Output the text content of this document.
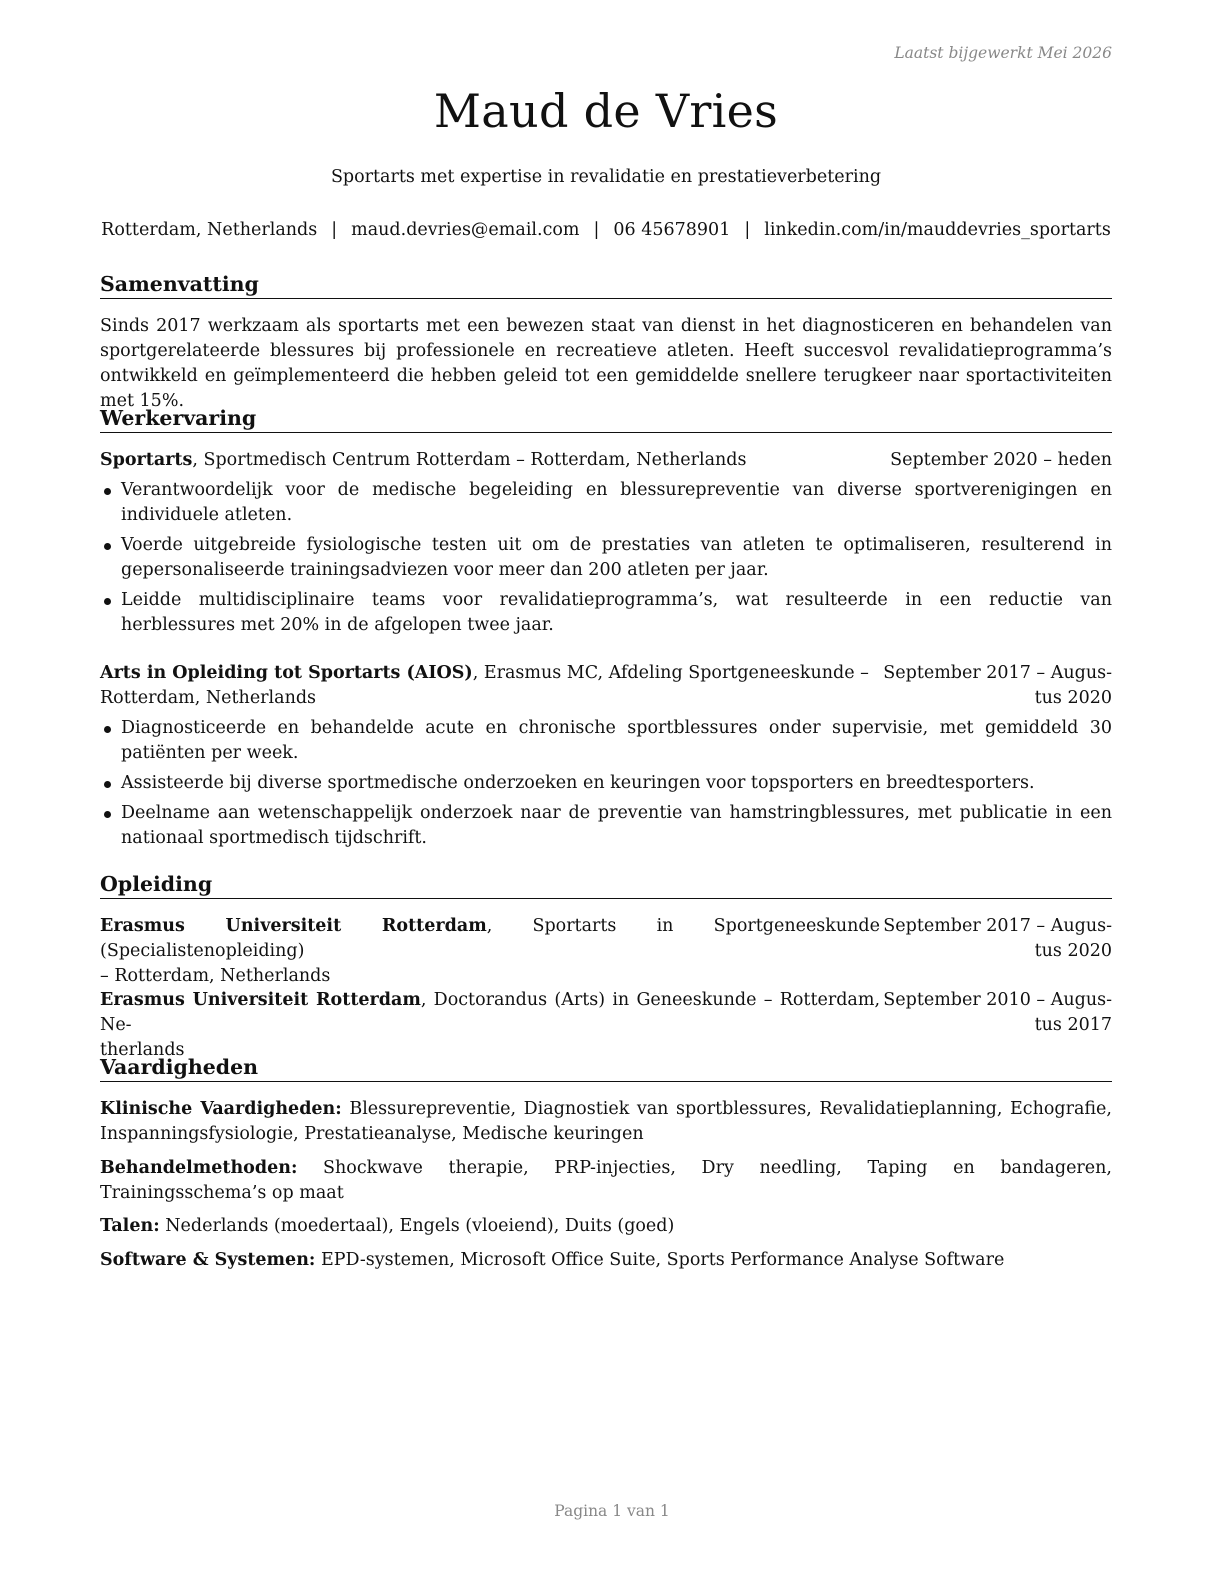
Laatst bijgewerkt Mei 2026
Maud de Vries
Sportarts met expertise in revalidatie en prestatieverbetering
Rotterdam, Netherlands | maud.devries@email.com | 06 45678901 | linkedin.com/in/mauddevries_sportarts
Samenvatting
Sinds 2017 werkzaam als sportarts met een bewezen staat van dienst in het diagnosticeren en behandelen van sportgerelateerde blessures bij professionele en recreatieve atleten. Heeft succesvol revalidatieprogramma’s ontwikkeld en geïmplementeerd die hebben geleid tot een gemiddelde snellere terugkeer naar sportactiviteiten met 15%.
Werkervaring
Sportarts, Sportmedisch Centrum Rotterdam – Rotterdam, Netherlands	September 2020 – heden
Verantwoordelijk voor de medische begeleiding en blessurepreventie van diverse sportverenigingen en individuele atleten.
Voerde uitgebreide fysiologische testen uit om de prestaties van atleten te optimaliseren, resulterend in gepersonaliseerde trainingsadviezen voor meer dan 200 atleten per jaar.
Leidde multidisciplinaire teams voor revalidatieprogramma’s, wat resulteerde in een reductie van herblessures met 20% in de afgelopen twee jaar.
Arts in Opleiding tot Sportarts (AIOS), Erasmus MC, Afdeling Sportgeneeskunde –
Rotterdam, Netherlands
September 2017 – Augus-
tus 2020
Diagnosticeerde en behandelde acute en chronische sportblessures onder supervisie, met gemiddeld 30 patiënten per week.
Assisteerde bij diverse sportmedische onderzoeken en keuringen voor topsporters en breedtesporters.
Deelname aan wetenschappelijk onderzoek naar de preventie van hamstringblessures, met publicatie in een nationaal sportmedisch tijdschrift.
Opleiding
Erasmus Universiteit Rotterdam, Sportarts in Sportgeneeskunde (Specialistenopleiding)
– Rotterdam, Netherlands
September 2017 – Augus-
tus 2020
Erasmus Universiteit Rotterdam, Doctorandus (Arts) in Geneeskunde – Rotterdam, Ne-
therlands
September 2010 – Augus-
tus 2017
Vaardigheden
Klinische Vaardigheden: Blessurepreventie, Diagnostiek van sportblessures, Revalidatieplanning, Echografie, Inspanningsfysiologie, Prestatieanalyse, Medische keuringen
Behandelmethoden: Shockwave therapie, PRP-injecties, Dry needling, Taping en bandageren, Trainingsschema’s op maat
Talen: Nederlands (moedertaal), Engels (vloeiend), Duits (goed)
Software & Systemen: EPD-systemen, Microsoft Office Suite, Sports Performance Analyse Software
Pagina 1 van 1
